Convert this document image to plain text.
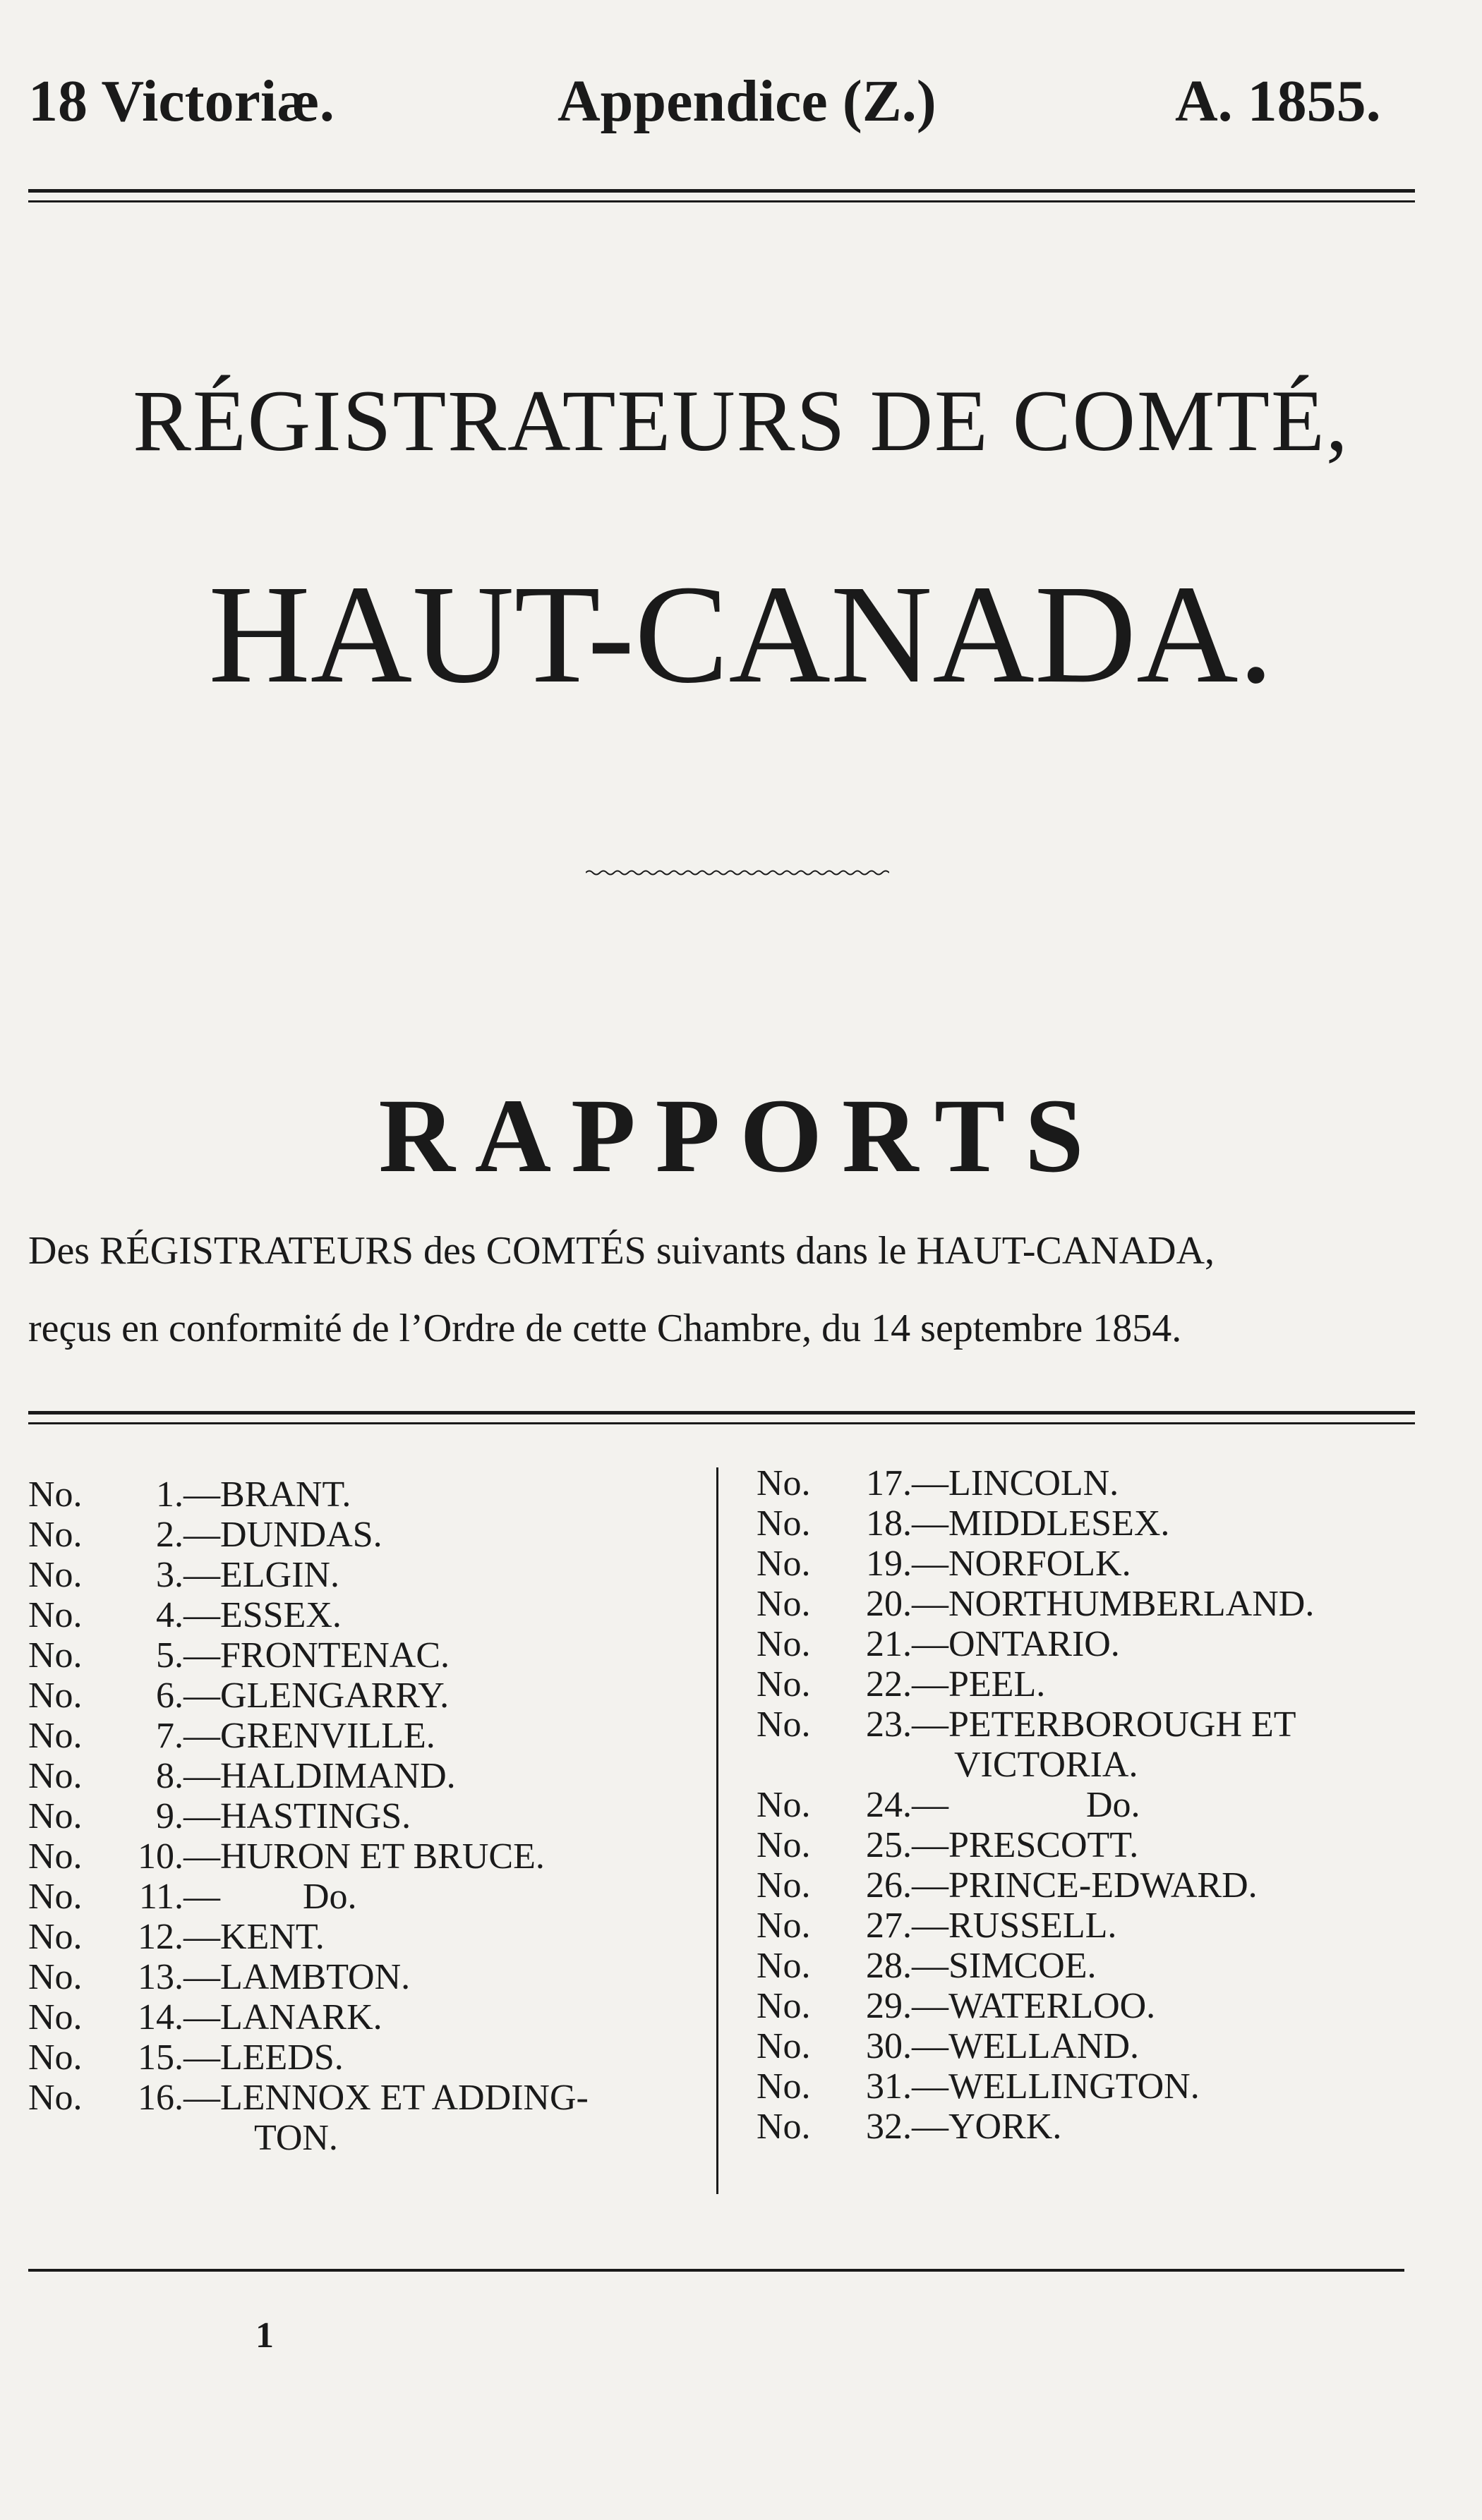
18 Victoriæ.	Appendice (Z.)	A. 1855.
RÉGISTRATEURS DE COMTÉ,
HAUT-CANADA.
RAPPORTS
Des RÉGISTRATEURS des COMTÉS suivants dans le HAUT-CANADA,
reçus en conformité de l’Ordre de cette Chambre, du 14 septembre 1854.
No. 1.—BRANT.
No. 2.—DUNDAS.
No. 3.—ELGIN.
No. 4.—ESSEX.
No. 5.—FRONTENAC.
No. 6.—GLENGARRY.
No. 7.—GRENVILLE.
No. 8.—HALDIMAND.
No. 9.—HASTINGS.
No. 10.—HURON ET BRUCE.
No. 11.—         Do.
No. 12.—KENT.
No. 13.—LAMBTON.
No. 14.—LANARK.
No. 15.—LEEDS.
No. 16.—LENNOX ET ADDING-
TON.
No. 17.—LINCOLN.
No. 18.—MIDDLESEX.
No. 19.—NORFOLK.
No. 20.—NORTHUMBERLAND.
No. 21.—ONTARIO.
No. 22.—PEEL.
No. 23.—PETERBOROUGH ET
VICTORIA.
No. 24.—               Do.
No. 25.—PRESCOTT.
No. 26.—PRINCE-EDWARD.
No. 27.—RUSSELL.
No. 28.—SIMCOE.
No. 29.—WATERLOO.
No. 30.—WELLAND.
No. 31.—WELLINGTON.
No. 32.—YORK.
1
